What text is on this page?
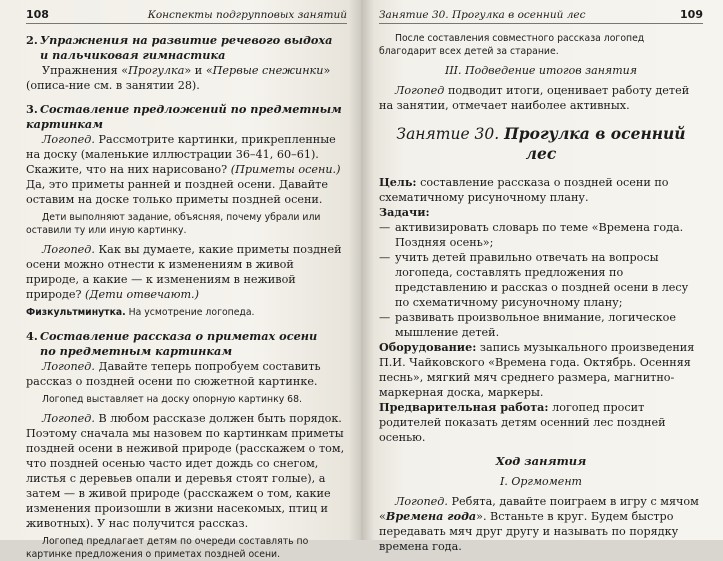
108	Конспекты подгрупповых занятий

2. Упражнения на развитие речевого выдоха
и пальчиковая гимнастика

Упражнения «Прогулка» и «Первые снежинки» (описа-ние см. в занятии 28).

3. Составление предложений по предметным картинкам

Логопед. Рассмотрите картинки, прикрепленные на доску (маленькие иллюстрации 36–41, 60–61). Скажите, что на них нарисовано? (Приметы осени.) Да, это приметы ранней и поздней осени. Давайте оставим на доске только приметы поздней осени.

Дети выполняют задание, объясняя, почему убрали или оставили ту или иную картинку.

Логопед. Как вы думаете, какие приметы поздней осени можно отнести к изменениям в живой природе, а какие — к изменениям в неживой природе? (Дети отвечают.)

Физкультминутка. На усмотрение логопеда.

4. Составление рассказа о приметах осени
по предметным картинкам

Логопед. Давайте теперь попробуем составить рассказ о поздней осени по сюжетной картинке.

Логопед выставляет на доску опорную картинку 68.

Логопед. В любом рассказе должен быть порядок. Поэтому сначала мы назовем по картинкам приметы поздней осени в неживой природе (расскажем о том, что поздней осенью часто идет дождь со снегом, листья с деревьев опали и деревья стоят голые), а затем — в живой природе (расскажем о том, какие изменения произошли в жизни насекомых, птиц и животных). У нас получится рассказ.

Логопед предлагает детям по очереди составлять по картинке предложения о приметах поздней осени.

Занятие 30. Прогулка в осенний лес	109

После составления совместного рассказа логопед благодарит всех детей за старание.

III. Подведение итогов занятия

Логопед подводит итоги, оценивает работу детей на занятии, отмечает наиболее активных.

Занятие 30. Прогулка в осенний лес

Цель: составление рассказа о поздней осени по схематичному рисуночному плану.

Задачи:

— активизировать словарь по теме «Времена года. Поздняя осень»;
— учить детей правильно отвечать на вопросы логопеда, составлять предложения по представлению и рассказ о поздней осени в лесу по схематичному рисуночному плану;
— развивать произвольное внимание, логическое мышление детей.

Оборудование: запись музыкального произведения П.И. Чайковского «Времена года. Октябрь. Осенняя песнь», мягкий мяч среднего размера, магнитно-маркерная доска, маркеры.

Предварительная работа: логопед просит родителей показать детям осенний лес поздней осенью.

Ход занятия

I. Оргмомент

Логопед. Ребята, давайте поиграем в игру с мячом «Времена года». Встаньте в круг. Будем быстро передавать мяч друг другу и называть по порядку времена года.
